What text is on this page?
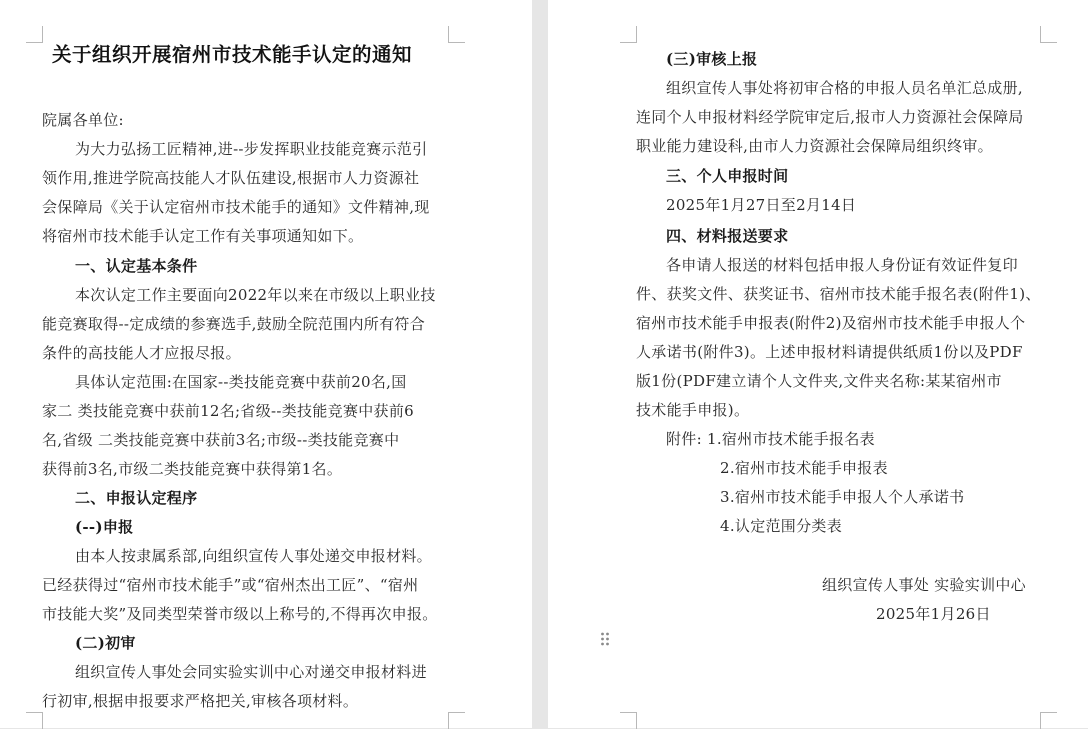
关于组织开展宿州市技术能手认定的通知
院属各单位:
为大力弘扬工匠精神,进--步发挥职业技能竞赛示范引
领作用,推进学院高技能人才队伍建设,根据市人力资源社
会保障局《关于认定宿州市技术能手的通知》文件精神,现
将宿州市技术能手认定工作有关事项通知如下。
一、认定基本条件
本次认定工作主要面向2022年以来在市级以上职业技
能竞赛取得--定成绩的参赛选手,鼓励全院范围内所有符合
条件的高技能人才应报尽报。
具体认定范围:在国家--类技能竞赛中获前20名,国
家二 类技能竞赛中获前12名;省级--类技能竞赛中获前6
名,省级 二类技能竞赛中获前3名;市级--类技能竞赛中
获得前3名,市级二类技能竞赛中获得第1名。
二、申报认定程序
(--)申报
由本人按隶属系部,向组织宣传人事处递交申报材料。
已经获得过“宿州市技术能手”或“宿州杰出工匠”、“宿州
市技能大奖”及同类型荣誉市级以上称号的,不得再次申报。
(二)初审
组织宣传人事处会同实验实训中心对递交申报材料进
行初审,根据申报要求严格把关,审核各项材料。
(三)审核上报
组织宣传人事处将初审合格的申报人员名单汇总成册,
连同个人申报材料经学院审定后,报市人力资源社会保障局
职业能力建设科,由市人力资源社会保障局组织终审。
三、个人申报时间
2025年1月27日至2月14日
四、材料报送要求
各申请人报送的材料包括申报人身份证有效证件复印
件、获奖文件、获奖证书、宿州市技术能手报名表(附件1)、
宿州市技术能手申报表(附件2)及宿州市技术能手申报人个
人承诺书(附件3)。上述申报材料请提供纸质1份以及PDF
版1份(PDF建立请个人文件夹,文件夹名称:某某宿州市
技术能手申报)。
附件: 1.宿州市技术能手报名表
2.宿州市技术能手申报表
3.宿州市技术能手申报人个人承诺书
4.认定范围分类表
组织宣传人事处 实验实训中心
2025年1月26日
